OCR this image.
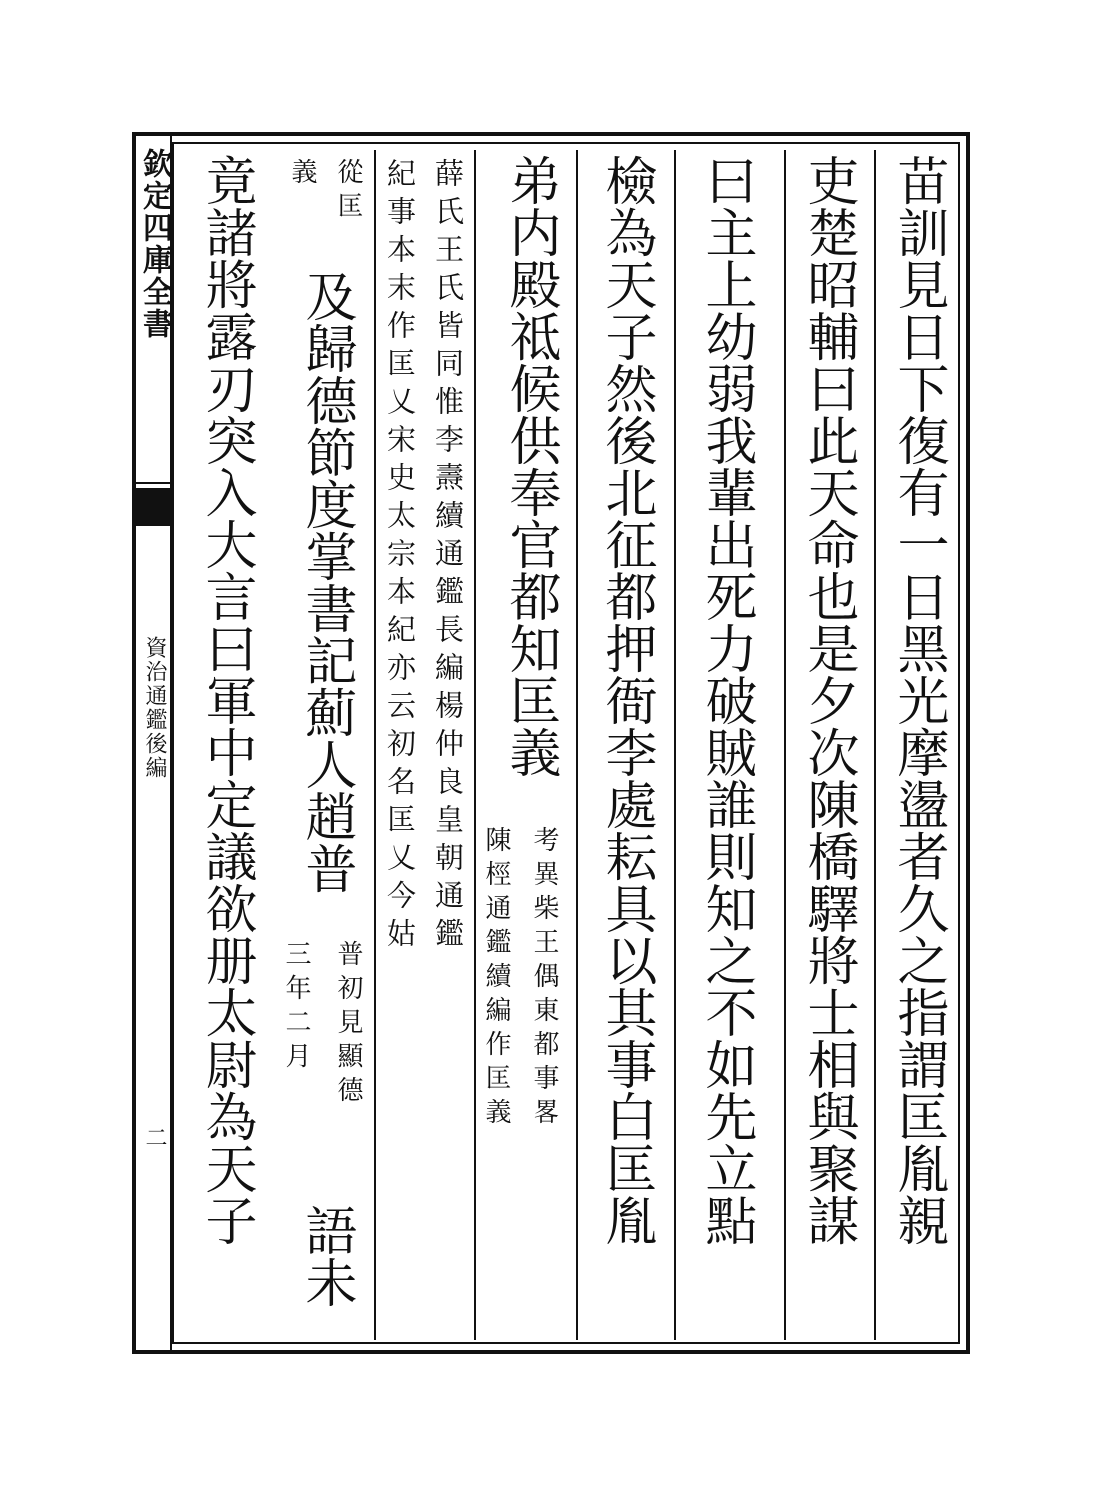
欽定四庫全書
資治通鑑後編
二	苗訓見日下復有一日黑光摩盪者久之指謂匡胤親
吏楚昭輔曰此天命也是夕次陳橋驛將士相與聚謀
曰主上幼弱我輩出死力破賊誰則知之不如先立點
檢為天子然後北征都押衙李處耘具以其事白匡胤
弟内殿祗候供奉官都知匡義
考異柴王偶東都事畧
陳桱通鑑續編作匡義
薛氏王氏皆同惟李燾續通鑑長編楊仲良皇朝通鑑
紀事本末作匡乂宋史太宗本紀亦云初名匡乂今姑
從匡
義
及歸德節度掌書記薊人趙普
普初見顯德
三年二月
語未
竟諸將露刃突入大言曰軍中定議欲册太尉為天子
